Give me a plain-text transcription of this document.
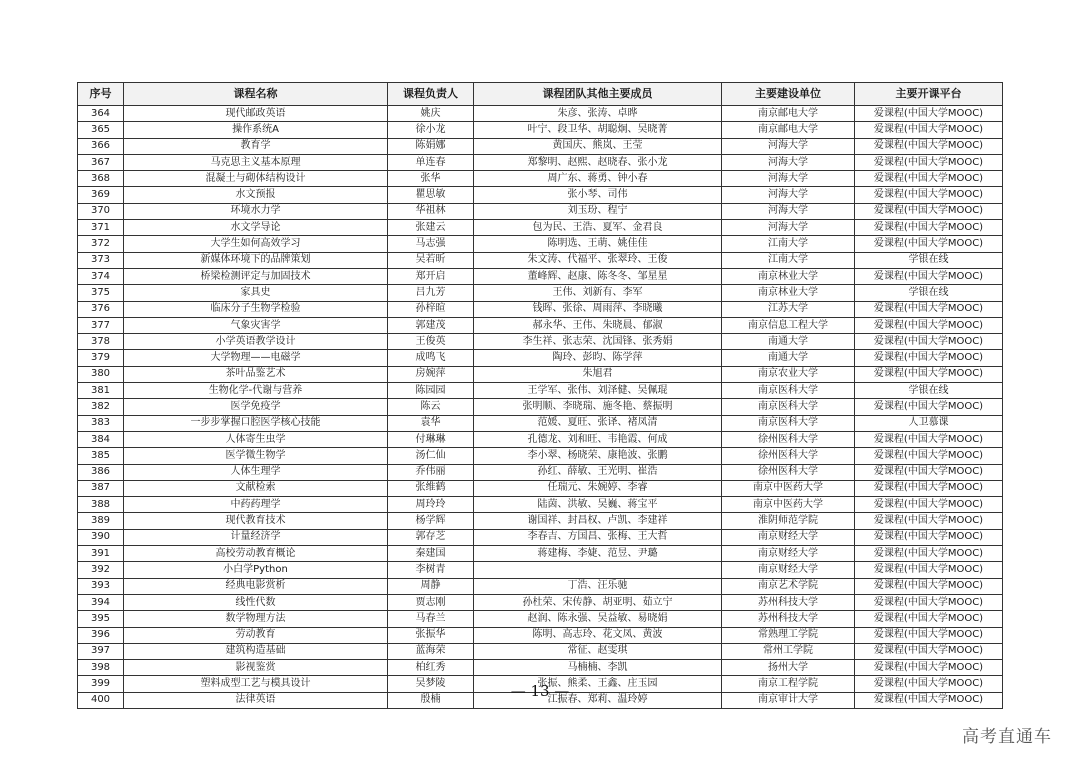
序号	课程名称	课程负责人	课程团队其他主要成员	主要建设单位	主要开课平台
364	现代邮政英语	姚庆	朱彦、张涛、卓晔	南京邮电大学	爱课程(中国大学MOOC)
365	操作系统A	徐小龙	叶宁、段卫华、胡聪炯、吴晓菁	南京邮电大学	爱课程(中国大学MOOC)
366	教育学	陈娟娜	黄国庆、熊岚、王莹	河海大学	爱课程(中国大学MOOC)
367	马克思主义基本原理	单连春	郑黎明、赵熙、赵晓春、张小龙	河海大学	爱课程(中国大学MOOC)
368	混凝土与砌体结构设计	张华	周广东、蒋勇、钟小春	河海大学	爱课程(中国大学MOOC)
369	水文预报	瞿思敏	张小琴、司伟	河海大学	爱课程(中国大学MOOC)
370	环境水力学	华祖林	刘玉玢、程宁	河海大学	爱课程(中国大学MOOC)
371	水文学导论	张建云	包为民、王浩、夏军、金君良	河海大学	爱课程(中国大学MOOC)
372	大学生如何高效学习	马志强	陈明选、王萌、姚佳佳	江南大学	爱课程(中国大学MOOC)
373	新媒体环境下的品牌策划	吴若昕	朱文涛、代福平、张翠玲、王俊	江南大学	学银在线
374	桥梁检测评定与加固技术	郑开启	董峰辉、赵康、陈冬冬、邹星星	南京林业大学	爱课程(中国大学MOOC)
375	家具史	吕九芳	王伟、刘新有、李军	南京林业大学	学银在线
376	临床分子生物学检验	孙梓暄	钱晖、张徐、周雨萍、李晓曦	江苏大学	爱课程(中国大学MOOC)
377	气象灾害学	郭建茂	郝永华、王伟、朱晓晨、郁淑	南京信息工程大学	爱课程(中国大学MOOC)
378	小学英语教学设计	王俊英	李生祥、张志荣、沈国锋、张秀娟	南通大学	爱课程(中国大学MOOC)
379	大学物理——电磁学	成鸣飞	陶玲、彭昀、陈学萍	南通大学	爱课程(中国大学MOOC)
380	茶叶品鉴艺术	房婉萍	朱旭君	南京农业大学	爱课程(中国大学MOOC)
381	生物化学-代谢与营养	陈园园	王学军、张伟、刘泽健、吴佩琨	南京医科大学	学银在线
382	医学免疫学	陈云	张明顺、李晓瑞、施冬艳、蔡振明	南京医科大学	爱课程(中国大学MOOC)
383	一步步掌握口腔医学核心技能	袁华	范媛、夏旺、张译、褚凤清	南京医科大学	人卫慕课
384	人体寄生虫学	付琳琳	孔德龙、刘和旺、韦艳霞、何成	徐州医科大学	爱课程(中国大学MOOC)
385	医学微生物学	汤仁仙	李小翠、杨晓荣、康艳波、张鹏	徐州医科大学	爱课程(中国大学MOOC)
386	人体生理学	乔伟丽	孙红、薛敏、王光明、崔浩	徐州医科大学	爱课程(中国大学MOOC)
387	文献检索	张维鹤	任瑞元、朱婉婷、李睿	南京中医药大学	爱课程(中国大学MOOC)
388	中药药理学	周玲玲	陆茵、洪敏、吴巍、蒋宝平	南京中医药大学	爱课程(中国大学MOOC)
389	现代教育技术	杨学辉	谢国祥、封昌权、卢凯、李建祥	淮阴师范学院	爱课程(中国大学MOOC)
390	计量经济学	郭存芝	李春吉、方国昌、张梅、王大哲	南京财经大学	爱课程(中国大学MOOC)
391	高校劳动教育概论	秦建国	蒋建梅、李婕、范昱、尹璐	南京财经大学	爱课程(中国大学MOOC)
392	小白学Python	李树青		南京财经大学	爱课程(中国大学MOOC)
393	经典电影赏析	周静	丁浩、汪乐驰	南京艺术学院	爱课程(中国大学MOOC)
394	线性代数	贾志刚	孙杜荣、宋传静、胡亚明、茹立宁	苏州科技大学	爱课程(中国大学MOOC)
395	数学物理方法	马春兰	赵润、陈永强、吴益敏、易晓娟	苏州科技大学	爱课程(中国大学MOOC)
396	劳动教育	张振华	陈明、高志玲、花文凤、黄波	常熟理工学院	爱课程(中国大学MOOC)
397	建筑构造基础	蓝海荣	常征、赵雯琪	常州工学院	爱课程(中国大学MOOC)
398	影视鉴赏	柏红秀	马楠楠、李凯	扬州大学	爱课程(中国大学MOOC)
399	塑料成型工艺与模具设计	吴梦陵	张振、熊柔、王鑫、庄玉园	南京工程学院	爱课程(中国大学MOOC)
400	法律英语	殷楠	江振春、郑莉、温玲婷	南京审计大学	爱课程(中国大学MOOC)
— 13 —
高考直通车
